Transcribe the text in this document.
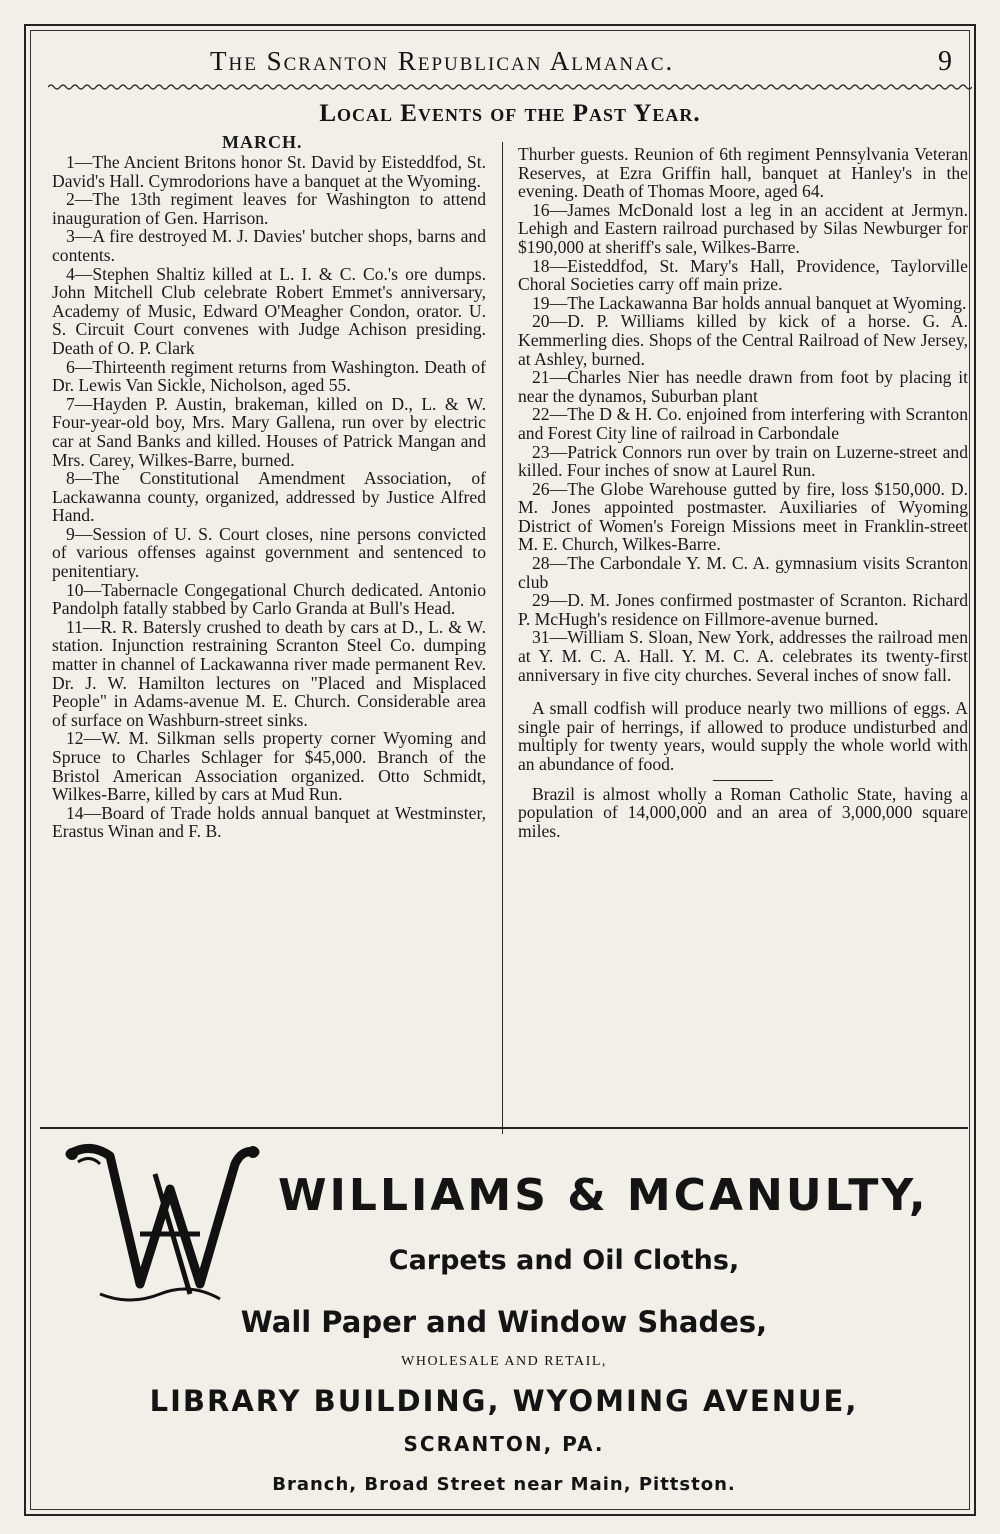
The Scranton Republican Almanac.	9
Local Events of the Past Year.
MARCH.

1—The Ancient Britons honor St. David by Eisteddfod, St. David's Hall. Cymrodorions have a banquet at the Wyoming.

2—The 13th regiment leaves for Washington to attend inauguration of Gen. Harrison.

3—A fire destroyed M. J. Davies' butcher shops, barns and contents.

4—Stephen Shaltiz killed at L. I. & C. Co.'s ore dumps. John Mitchell Club celebrate Robert Emmet's anniversary, Academy of Music, Edward O'Meagher Condon, orator. U. S. Circuit Court convenes with Judge Achison presiding. Death of O. P. Clark

6—Thirteenth regiment returns from Washington. Death of Dr. Lewis Van Sickle, Nicholson, aged 55.

7—Hayden P. Austin, brakeman, killed on D., L. & W. Four-year-old boy, Mrs. Mary Gallena, run over by electric car at Sand Banks and killed. Houses of Patrick Mangan and Mrs. Carey, Wilkes-Barre, burned.

8—The Constitutional Amendment Association, of Lackawanna county, organized, addressed by Justice Alfred Hand.

9—Session of U. S. Court closes, nine persons convicted of various offenses against government and sentenced to penitentiary.

10—Tabernacle Congegational Church dedicated. Antonio Pandolph fatally stabbed by Carlo Granda at Bull's Head.

11—R. R. Batersly crushed to death by cars at D., L. & W. station. Injunction restraining Scranton Steel Co. dumping matter in channel of Lackawanna river made permanent Rev. Dr. J. W. Hamilton lectures on "Placed and Misplaced People" in Adams-avenue M. E. Church. Considerable area of surface on Washburn-street sinks.

12—W. M. Silkman sells property corner Wyoming and Spruce to Charles Schlager for $45,000. Branch of the Bristol American Association organized. Otto Schmidt, Wilkes-Barre, killed by cars at Mud Run.

14—Board of Trade holds annual banquet at Westminster, Erastus Winan and F. B.

Thurber guests. Reunion of 6th regiment Pennsylvania Veteran Reserves, at Ezra Griffin hall, banquet at Hanley's in the evening. Death of Thomas Moore, aged 64.

16—James McDonald lost a leg in an accident at Jermyn. Lehigh and Eastern railroad purchased by Silas Newburger for $190,000 at sheriff's sale, Wilkes-Barre.

18—Eisteddfod, St. Mary's Hall, Providence, Taylorville Choral Societies carry off main prize.

19—The Lackawanna Bar holds annual banquet at Wyoming.

20—D. P. Williams killed by kick of a horse. G. A. Kemmerling dies. Shops of the Central Railroad of New Jersey, at Ashley, burned.

21—Charles Nier has needle drawn from foot by placing it near the dynamos, Suburban plant

22—The D & H. Co. enjoined from interfering with Scranton and Forest City line of railroad in Carbondale

23—Patrick Connors run over by train on Luzerne-street and killed. Four inches of snow at Laurel Run.

26—The Globe Warehouse gutted by fire, loss $150,000. D. M. Jones appointed postmaster. Auxiliaries of Wyoming District of Women's Foreign Missions meet in Franklin-street M. E. Church, Wilkes-Barre.

28—The Carbondale Y. M. C. A. gymnasium visits Scranton club

29—D. M. Jones confirmed postmaster of Scranton. Richard P. McHugh's residence on Fillmore-avenue burned.

31—William S. Sloan, New York, addresses the railroad men at Y. M. C. A. Hall. Y. M. C. A. celebrates its twenty-first anniversary in five city churches. Several inches of snow fall.

A small codfish will produce nearly two millions of eggs. A single pair of herrings, if allowed to produce undisturbed and multiply for twenty years, would supply the whole world with an abundance of food.

Brazil is almost wholly a Roman Catholic State, having a population of 14,000,000 and an area of 3,000,000 square miles.

WILLIAMS & MCANULTY,
Carpets and Oil Cloths,
Wall Paper and Window Shades,
WHOLESALE AND RETAIL,
LIBRARY BUILDING, WYOMING AVENUE,
SCRANTON, PA.
Branch, Broad Street near Main, Pittston.
